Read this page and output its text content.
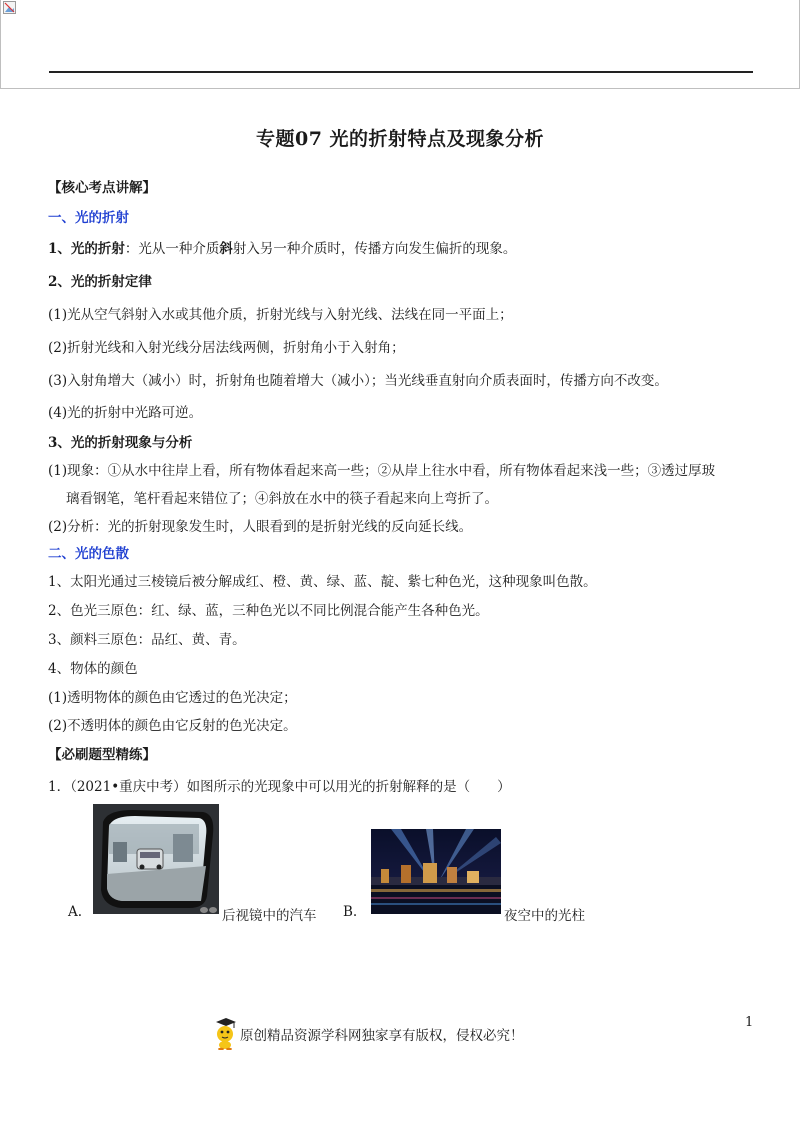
专题07 光的折射特点及现象分析
【核心考点讲解】
一、光的折射
1、光的折射：光从一种介质斜射入另一种介质时，传播方向发生偏折的现象。
2、光的折射定律
(1)光从空气斜射入水或其他介质，折射光线与入射光线、法线在同一平面上；
(2)折射光线和入射光线分居法线两侧，折射角小于入射角；
(3)入射角增大（减小）时，折射角也随着增大（减小）；当光线垂直射向介质表面时，传播方向不改变。
(4)光的折射中光路可逆。
3、光的折射现象与分析
(1)现象：①从水中往岸上看，所有物体看起来高一些；②从岸上往水中看，所有物体看起来浅一些；③透过厚玻
璃看钢笔，笔杆看起来错位了；④斜放在水中的筷子看起来向上弯折了。
(2)分析：光的折射现象发生时，人眼看到的是折射光线的反向延长线。
二、光的色散
1、太阳光通过三棱镜后被分解成红、橙、黄、绿、蓝、靛、紫七种色光，这种现象叫色散。
2、色光三原色：红、绿、蓝，三种色光以不同比例混合能产生各种色光。
3、颜料三原色：品红、黄、青。
4、物体的颜色
(1)透明物体的颜色由它透过的色光决定；
(2)不透明体的颜色由它反射的色光决定。
【必刷题型精练】
1．（2021•重庆中考）如图所示的光现象中可以用光的折射解释的是（　　）
A.	后视镜中的汽车 B.	夜空中的光柱
1
原创精品资源学科网独家享有版权，侵权必究！
